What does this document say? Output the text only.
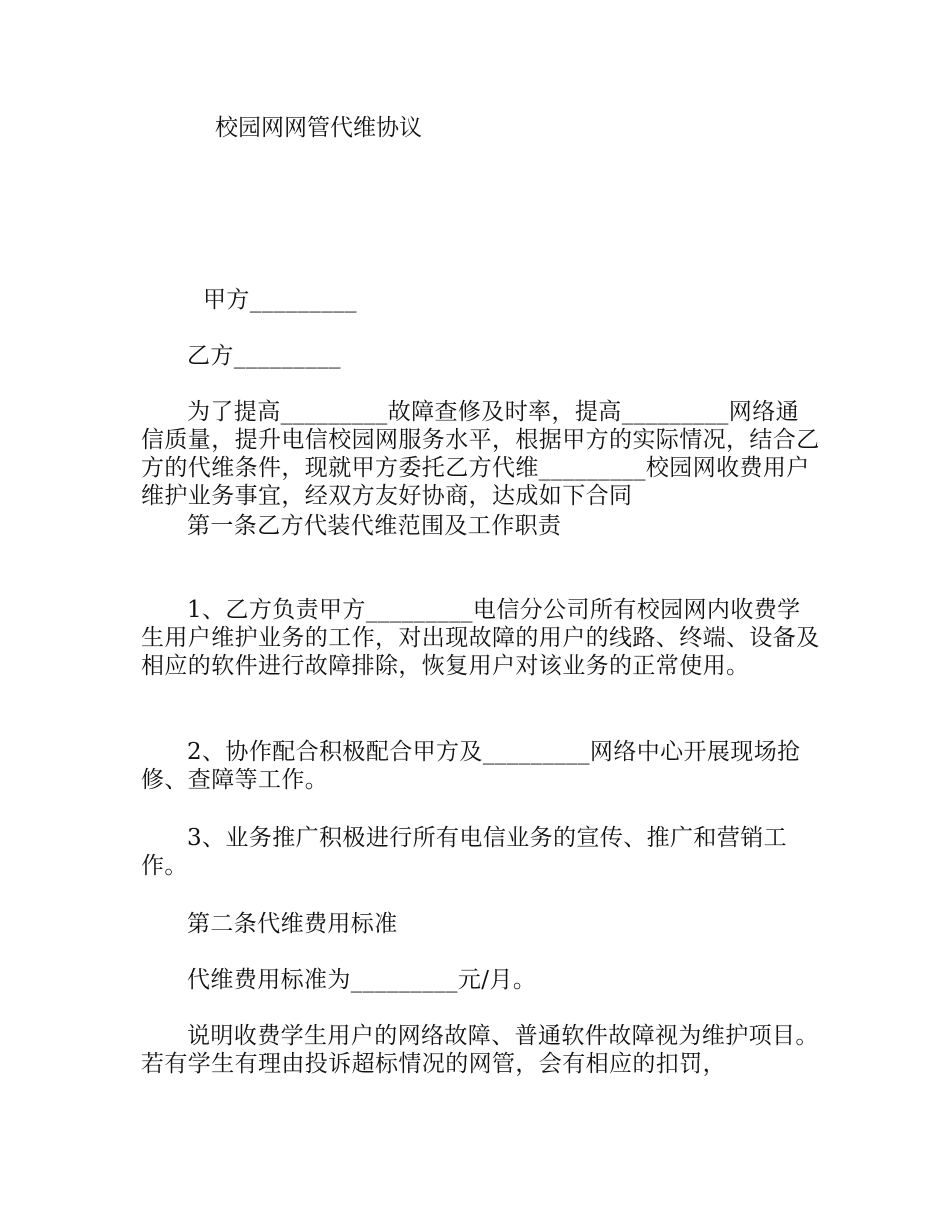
校园网网管代维协议

甲方_________

乙方_________

为了提高_________故障查修及时率，提高_________网络通信质量，提升电信校园网服务水平，根据甲方的实际情况，结合乙方的代维条件，现就甲方委托乙方代维_________校园网收费用户维护业务事宜，经双方友好协商，达成如下合同

第一条乙方代装代维范围及工作职责

1、乙方负责甲方_________电信分公司所有校园网内收费学生用户维护业务的工作，对出现故障的用户的线路、终端、设备及相应的软件进行故障排除，恢复用户对该业务的正常使用。

2、协作配合积极配合甲方及_________网络中心开展现场抢修、查障等工作。

3、业务推广积极进行所有电信业务的宣传、推广和营销工作。

第二条代维费用标准

代维费用标准为_________元/月。

说明收费学生用户的网络故障、普通软件故障视为维护项目。若有学生有理由投诉超标情况的网管，会有相应的扣罚，
